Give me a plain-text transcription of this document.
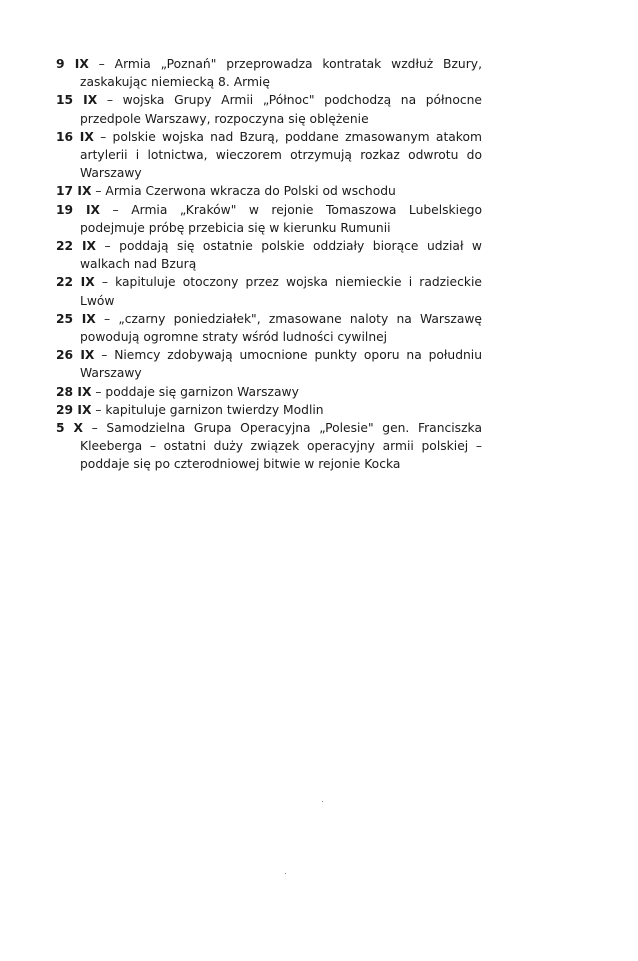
9 IX – Armia „Poznań" przeprowadza kontratak wzdłuż Bzury, zaskakując niemiecką 8. Armię
15 IX – wojska Grupy Armii „Północ" podchodzą na północne przedpole Warszawy, rozpoczyna się oblężenie
16 IX – polskie wojska nad Bzurą, poddane zmasowanym atakom artylerii i lotnictwa, wieczorem otrzymują rozkaz odwrotu do Warszawy
17 IX – Armia Czerwona wkracza do Polski od wschodu
19 IX – Armia „Kraków" w rejonie Tomaszowa Lubelskiego podejmuje próbę przebicia się w kierunku Rumunii
22 IX – poddają się ostatnie polskie oddziały biorące udział w walkach nad Bzurą
22 IX – kapituluje otoczony przez wojska niemieckie i radzieckie Lwów
25 IX – „czarny poniedziałek", zmasowane naloty na Warszawę powodują ogromne straty wśród ludności cywilnej
26 IX – Niemcy zdobywają umocnione punkty oporu na południu Warszawy
28 IX – poddaje się garnizon Warszawy
29 IX – kapituluje garnizon twierdzy Modlin
5 X – Samodzielna Grupa Operacyjna „Polesie" gen. Franciszka Kleeberga – ostatni duży związek operacyjny armii polskiej – poddaje się po czterodniowej bitwie w rejonie Kocka
